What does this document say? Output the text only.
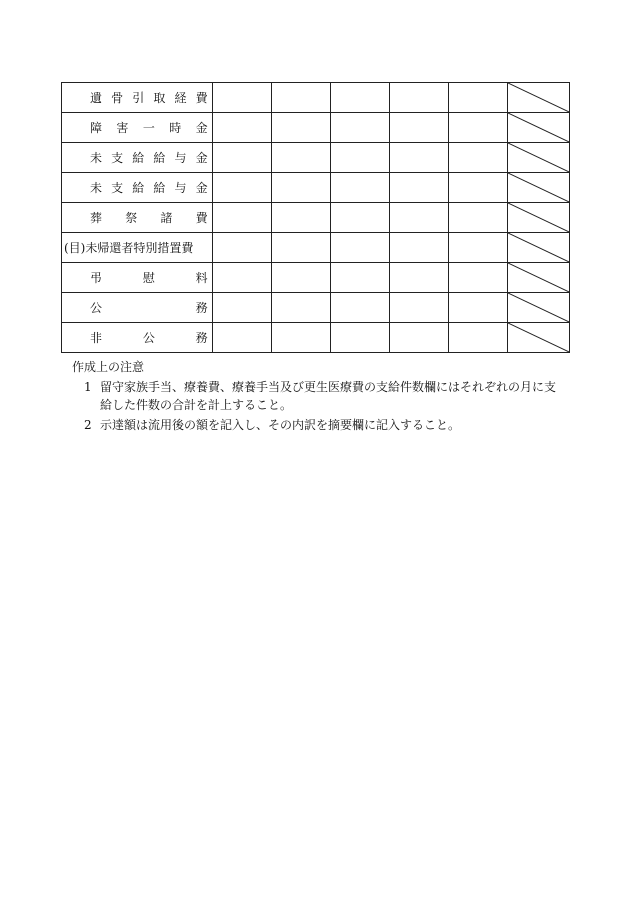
遺骨引取経費

障害一時金

未支給給与金

未支給給与金

葬祭諸費

(目)未帰還者特別措置費

弔慰料

公務

非公務

作成上の注意

1 留守家族手当、療養費、療養手当及び更生医療費の支給件数欄にはそれぞれの月に支給した件数の合計を計上すること。
2 示達額は流用後の額を記入し、その内訳を摘要欄に記入すること。
